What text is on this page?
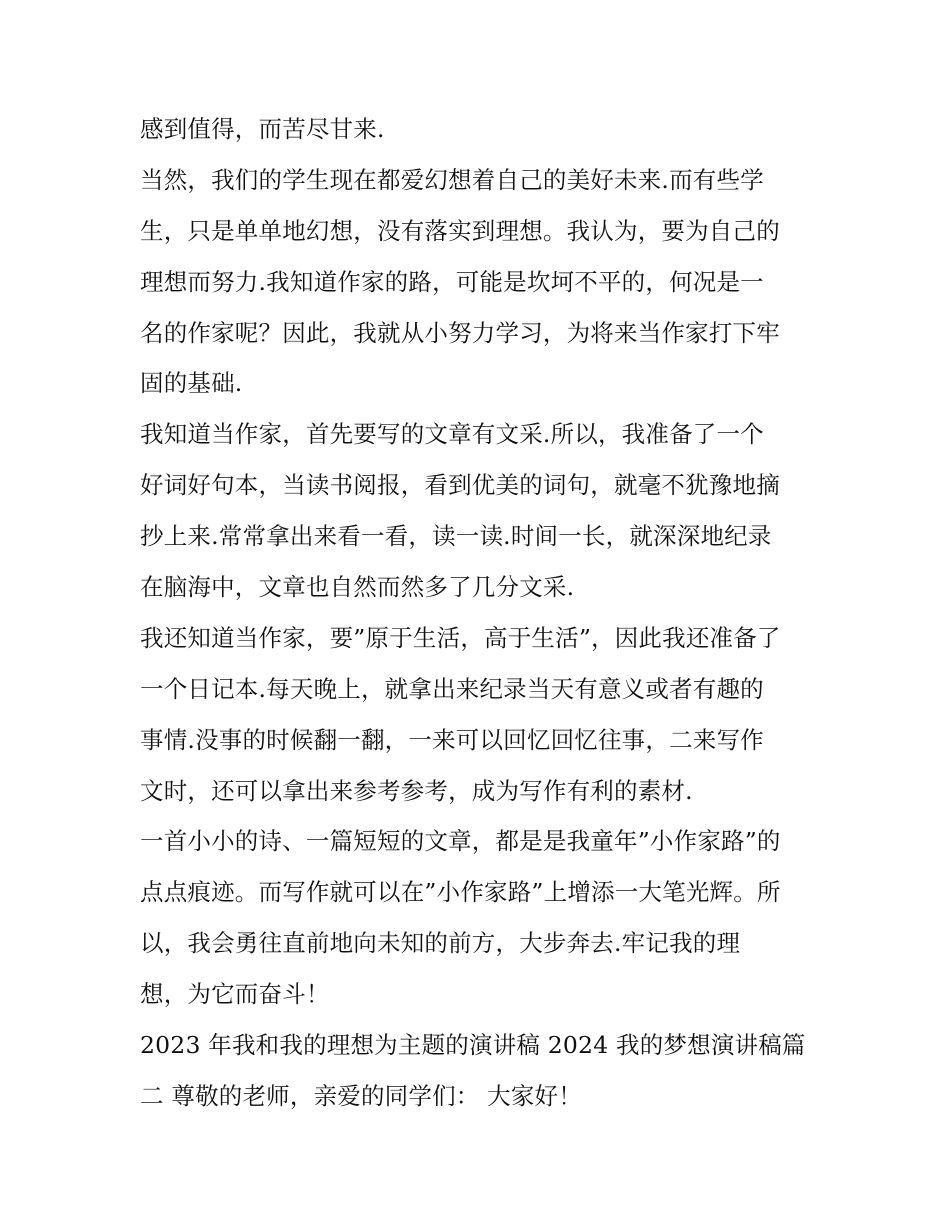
感到值得，而苦尽甘来.
当然，我们的学生现在都爱幻想着自己的美好未来.而有些学
生，只是单单地幻想，没有落实到理想。我认为，要为自己的
理想而努力.我知道作家的路，可能是坎坷不平的，何况是一
名的作家呢？因此，我就从小努力学习，为将来当作家打下牢
固的基础.
我知道当作家，首先要写的文章有文采.所以，我准备了一个
好词好句本，当读书阅报，看到优美的词句，就毫不犹豫地摘
抄上来.常常拿出来看一看，读一读.时间一长，就深深地纪录
在脑海中，文章也自然而然多了几分文采.
我还知道当作家，要”原于生活，高于生活”，因此我还准备了
一个日记本.每天晚上，就拿出来纪录当天有意义或者有趣的
事情.没事的时候翻一翻，一来可以回忆回忆往事，二来写作
文时，还可以拿出来参考参考，成为写作有利的素材.
一首小小的诗、一篇短短的文章，都是是我童年”小作家路”的
点点痕迹。而写作就可以在”小作家路”上增添一大笔光辉。所
以，我会勇往直前地向未知的前方，大步奔去.牢记我的理
想，为它而奋斗！
2023 年我和我的理想为主题的演讲稿 2024 我的梦想演讲稿篇
二 尊敬的老师，亲爱的同学们： 大家好！
